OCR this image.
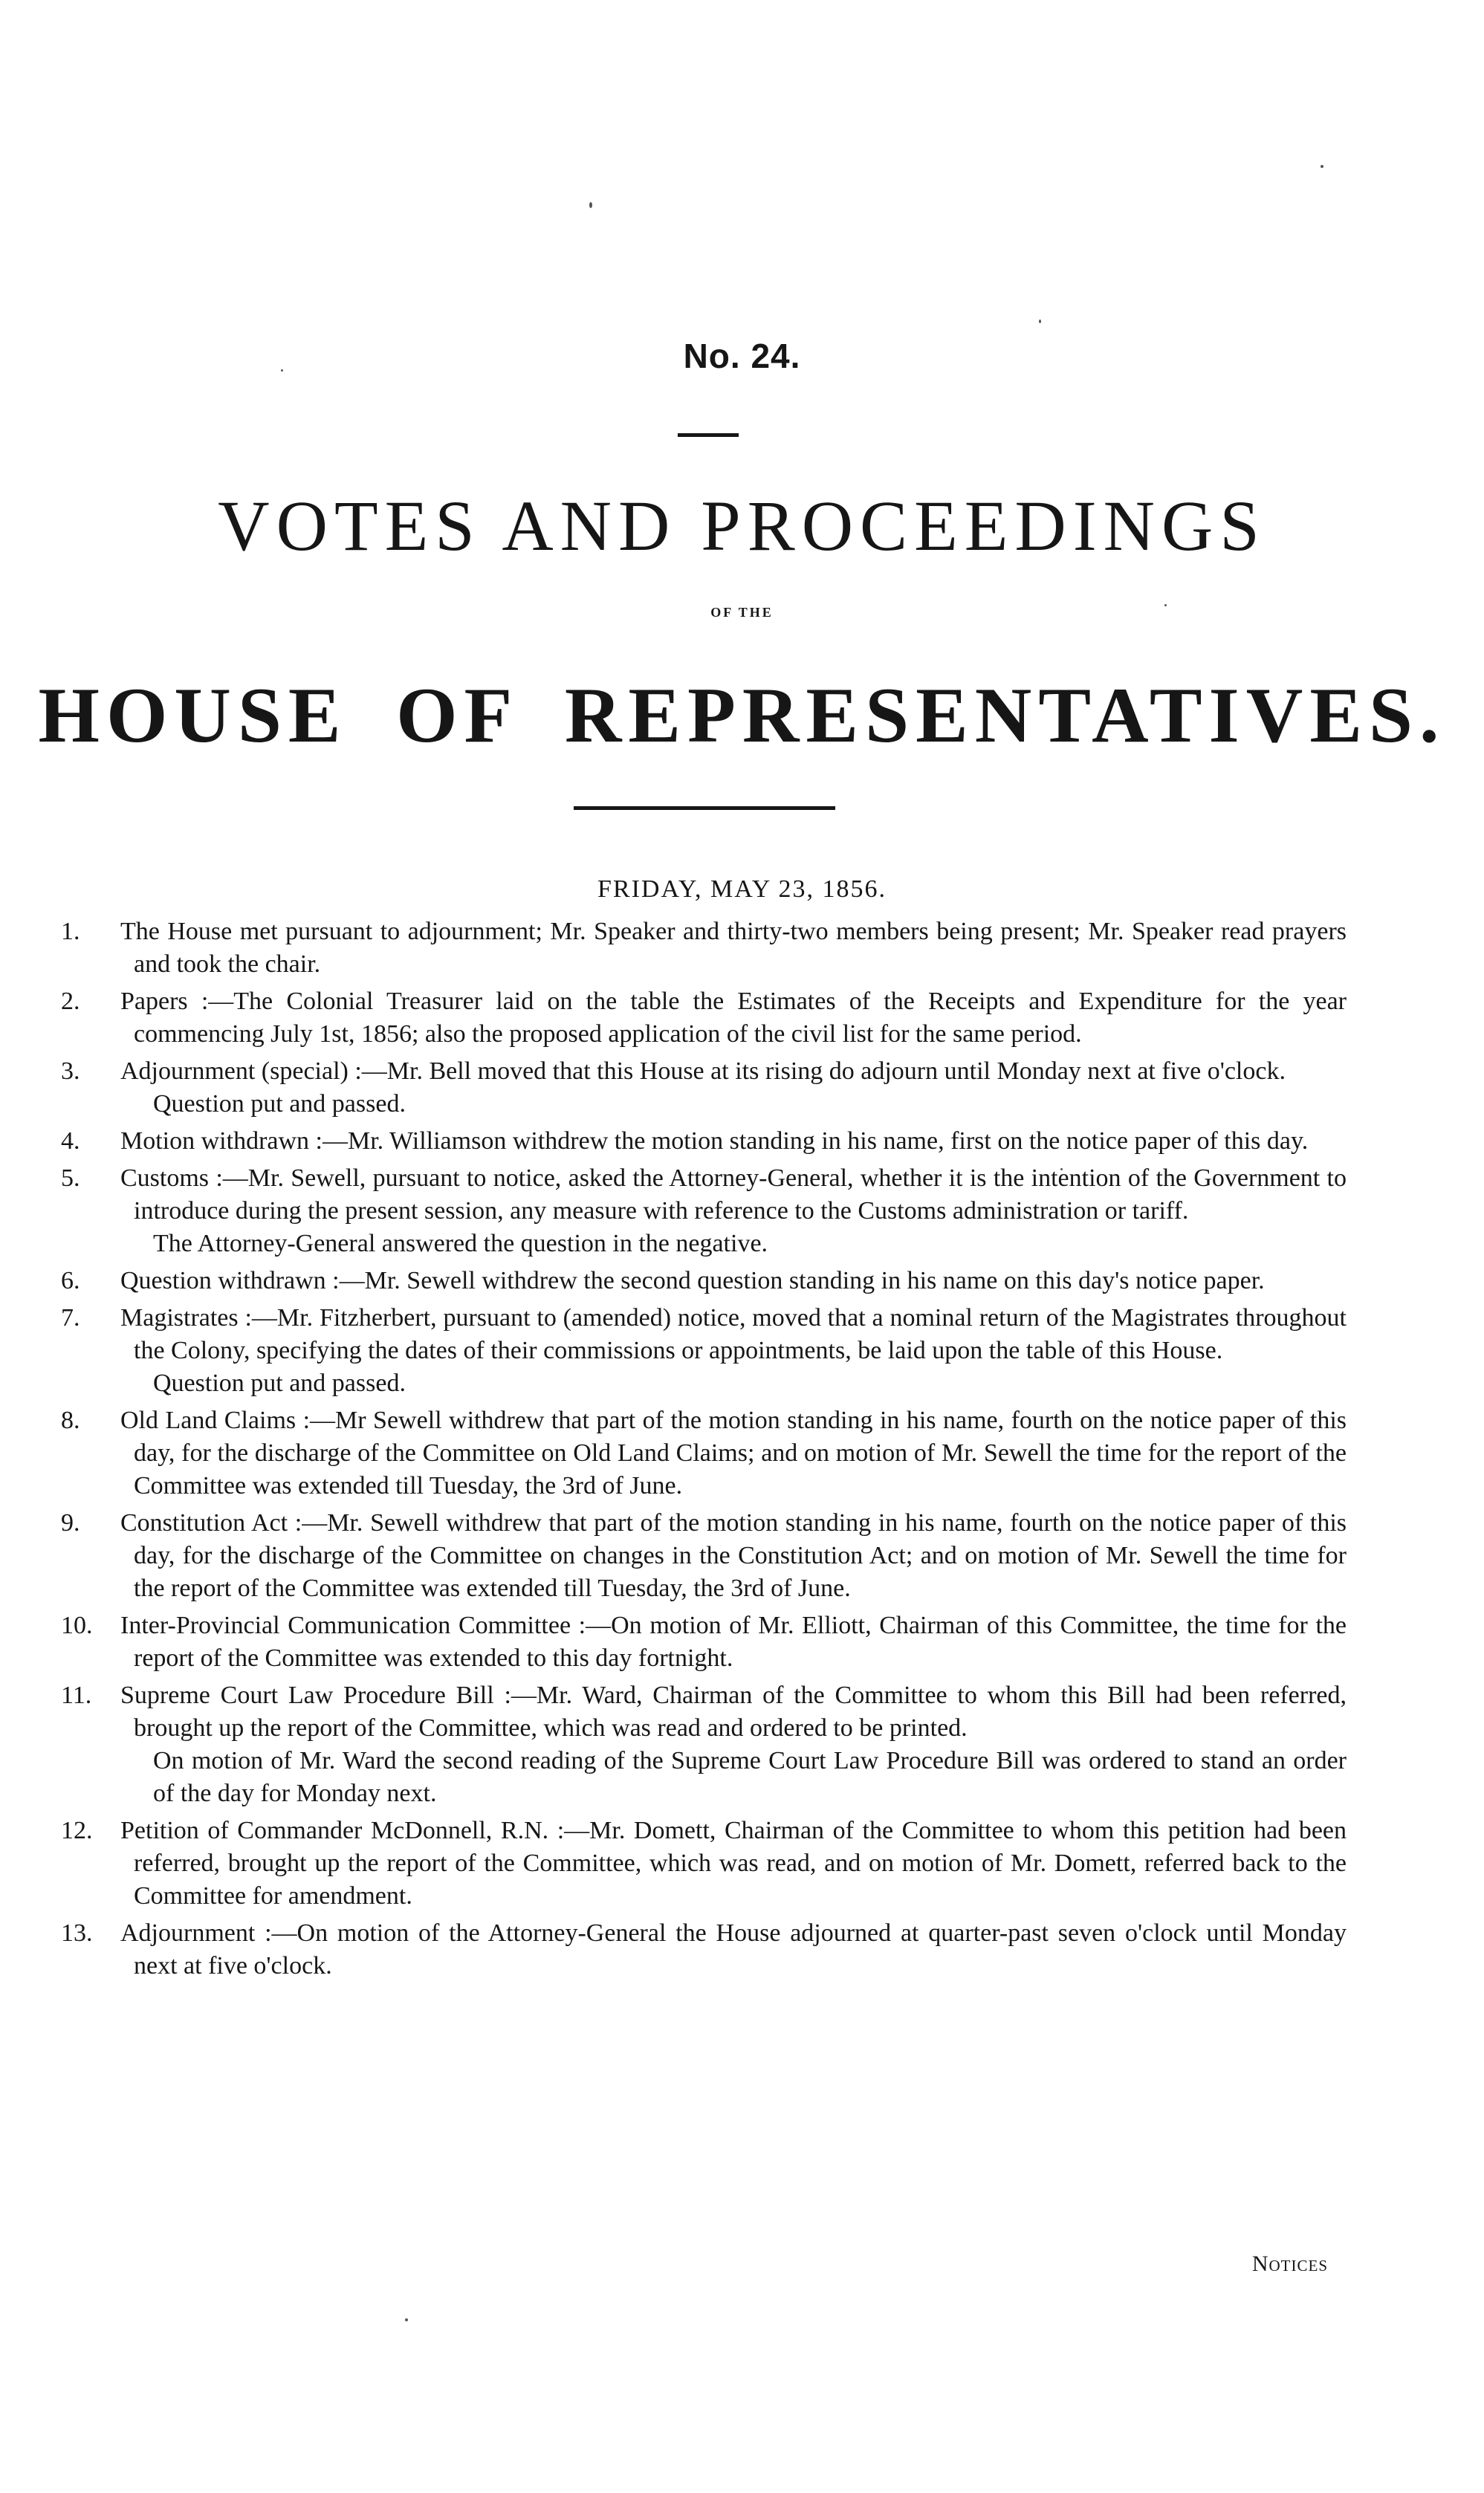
No. 24.
VOTES AND PROCEEDINGS
OF THE
HOUSE OF REPRESENTATIVES.
FRIDAY, MAY 23, 1856.
1.	The House met pursuant to adjournment; Mr. Speaker and thirty-two members being present; Mr. Speaker read prayers and took the chair.
2.	Papers :—The Colonial Treasurer laid on the table the Estimates of the Receipts and Expenditure for the year commencing July 1st, 1856; also the proposed application of the civil list for the same period.
3.	Adjournment (special) :—Mr. Bell moved that this House at its rising do adjourn until Monday next at five o'clock.
Question put and passed.
4.	Motion withdrawn :—Mr. Williamson withdrew the motion standing in his name, first on the notice paper of this day.
5.	Customs :—Mr. Sewell, pursuant to notice, asked the Attorney-General, whether it is the intention of the Government to introduce during the present session, any measure with reference to the Customs administration or tariff.
The Attorney-General answered the question in the negative.
6.	Question withdrawn :—Mr. Sewell withdrew the second question standing in his name on this day's notice paper.
7.	Magistrates :—Mr. Fitzherbert, pursuant to (amended) notice, moved that a nominal return of the Magistrates throughout the Colony, specifying the dates of their commissions or appointments, be laid upon the table of this House.
Question put and passed.
8.	Old Land Claims :—Mr Sewell withdrew that part of the motion standing in his name, fourth on the notice paper of this day, for the discharge of the Committee on Old Land Claims; and on motion of Mr. Sewell the time for the report of the Committee was extended till Tuesday, the 3rd of June.
9.	Constitution Act :—Mr. Sewell withdrew that part of the motion standing in his name, fourth on the notice paper of this day, for the discharge of the Committee on changes in the Constitution Act; and on motion of Mr. Sewell the time for the report of the Committee was extended till Tuesday, the 3rd of June.
10.	Inter-Provincial Communication Committee :—On motion of Mr. Elliott, Chairman of this Committee, the time for the report of the Committee was extended to this day fortnight.
11.	Supreme Court Law Procedure Bill :—Mr. Ward, Chairman of the Committee to whom this Bill had been referred, brought up the report of the Committee, which was read and ordered to be printed.
On motion of Mr. Ward the second reading of the Supreme Court Law Procedure Bill was ordered to stand an order of the day for Monday next.
12.	Petition of Commander McDonnell, R.N. :—Mr. Domett, Chairman of the Committee to whom this petition had been referred, brought up the report of the Committee, which was read, and on motion of Mr. Domett, referred back to the Committee for amendment.
13.	Adjournment :—On motion of the Attorney-General the House adjourned at quarter-past seven o'clock until Monday next at five o'clock.
Notices
